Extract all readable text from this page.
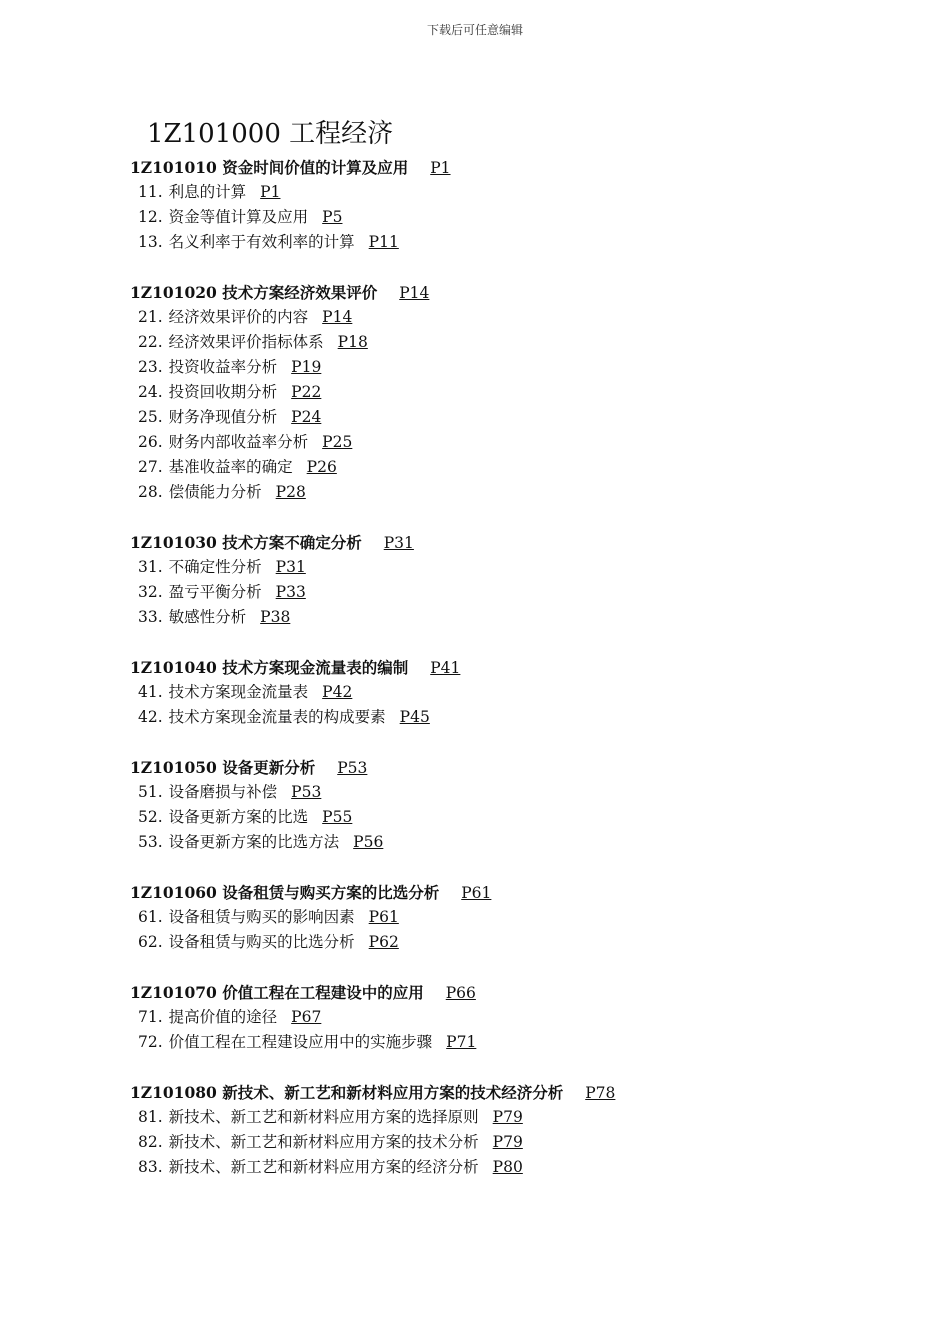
下载后可任意编辑
1Z101000 工程经济
1Z101010 资金时间价值的计算及应用 P1
11. 利息的计算 P1
12. 资金等值计算及应用 P5
13. 名义利率于有效利率的计算 P11
1Z101020 技术方案经济效果评价 P14
21. 经济效果评价的内容 P14
22. 经济效果评价指标体系 P18
23. 投资收益率分析 P19
24. 投资回收期分析 P22
25. 财务净现值分析 P24
26. 财务内部收益率分析 P25
27. 基准收益率的确定 P26
28. 偿债能力分析 P28
1Z101030 技术方案不确定分析 P31
31. 不确定性分析 P31
32. 盈亏平衡分析 P33
33. 敏感性分析 P38
1Z101040 技术方案现金流量表的编制 P41
41. 技术方案现金流量表 P42
42. 技术方案现金流量表的构成要素 P45
1Z101050 设备更新分析 P53
51. 设备磨损与补偿 P53
52. 设备更新方案的比选 P55
53. 设备更新方案的比选方法 P56
1Z101060 设备租赁与购买方案的比选分析 P61
61. 设备租赁与购买的影响因素 P61
62. 设备租赁与购买的比选分析 P62
1Z101070 价值工程在工程建设中的应用 P66
71. 提高价值的途径 P67
72. 价值工程在工程建设应用中的实施步骤 P71
1Z101080 新技术、新工艺和新材料应用方案的技术经济分析 P78
81. 新技术、新工艺和新材料应用方案的选择原则 P79
82. 新技术、新工艺和新材料应用方案的技术分析 P79
83. 新技术、新工艺和新材料应用方案的经济分析 P80
